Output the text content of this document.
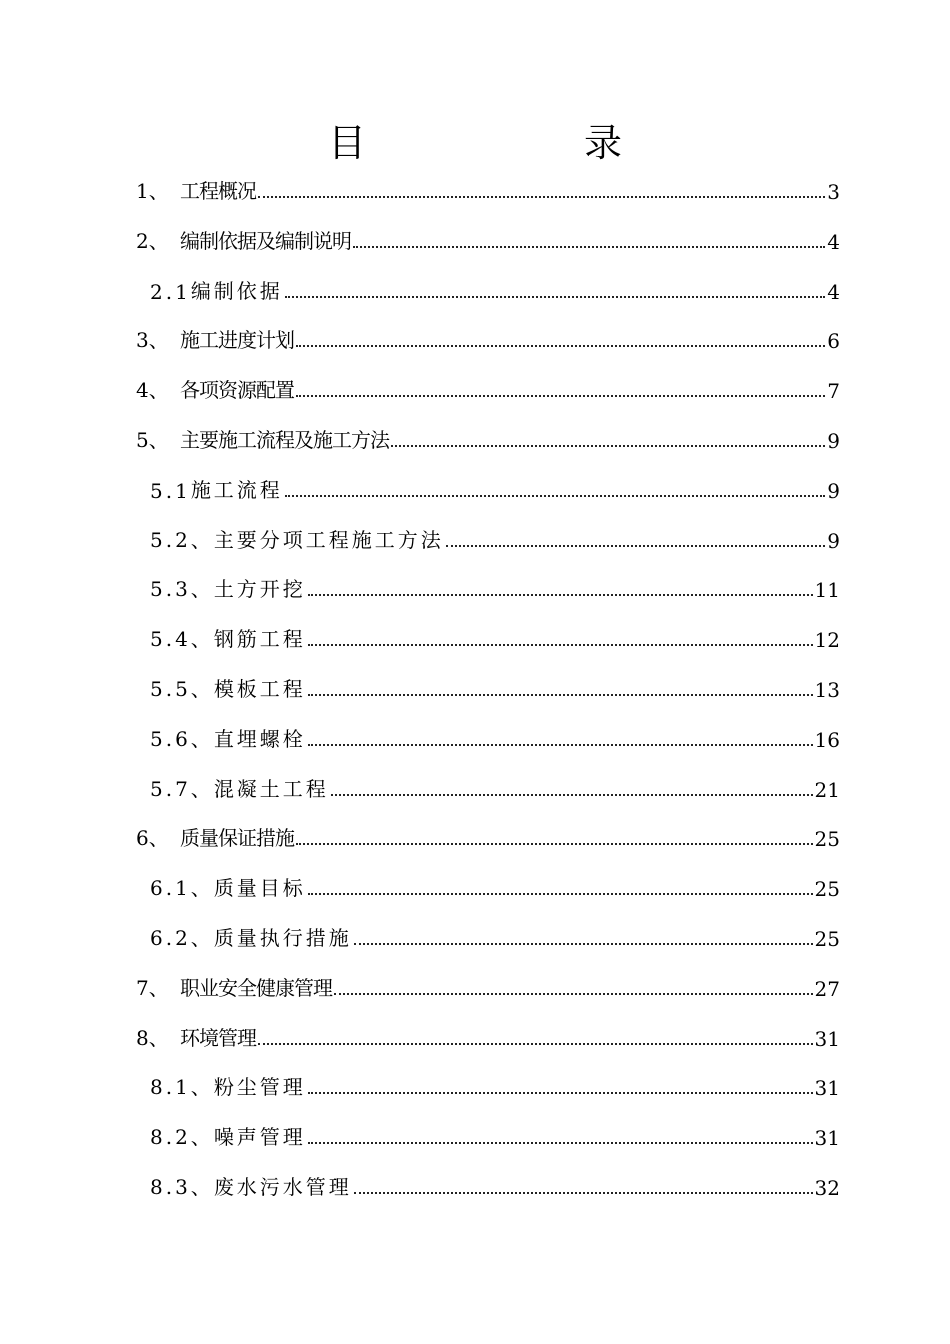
目　录
1、 工程概况	3
2、 编制依据及编制说明	4
2.1 编制依据	4
3、 施工进度计划	6
4、 各项资源配置	7
5、 主要施工流程及施工方法	9
5.1 施工流程	9
5.2、 主要分项工程施工方法	9
5.3、 土方开挖	11
5.4、 钢筋工程	12
5.5、 模板工程	13
5.6、 直埋螺栓	16
5.7、 混凝土工程	21
6、 质量保证措施	25
6.1、 质量目标	25
6.2、 质量执行措施	25
7、 职业安全健康管理	27
8、 环境管理	31
8.1、 粉尘管理	31
8.2、 噪声管理	31
8.3、 废水污水管理	32
